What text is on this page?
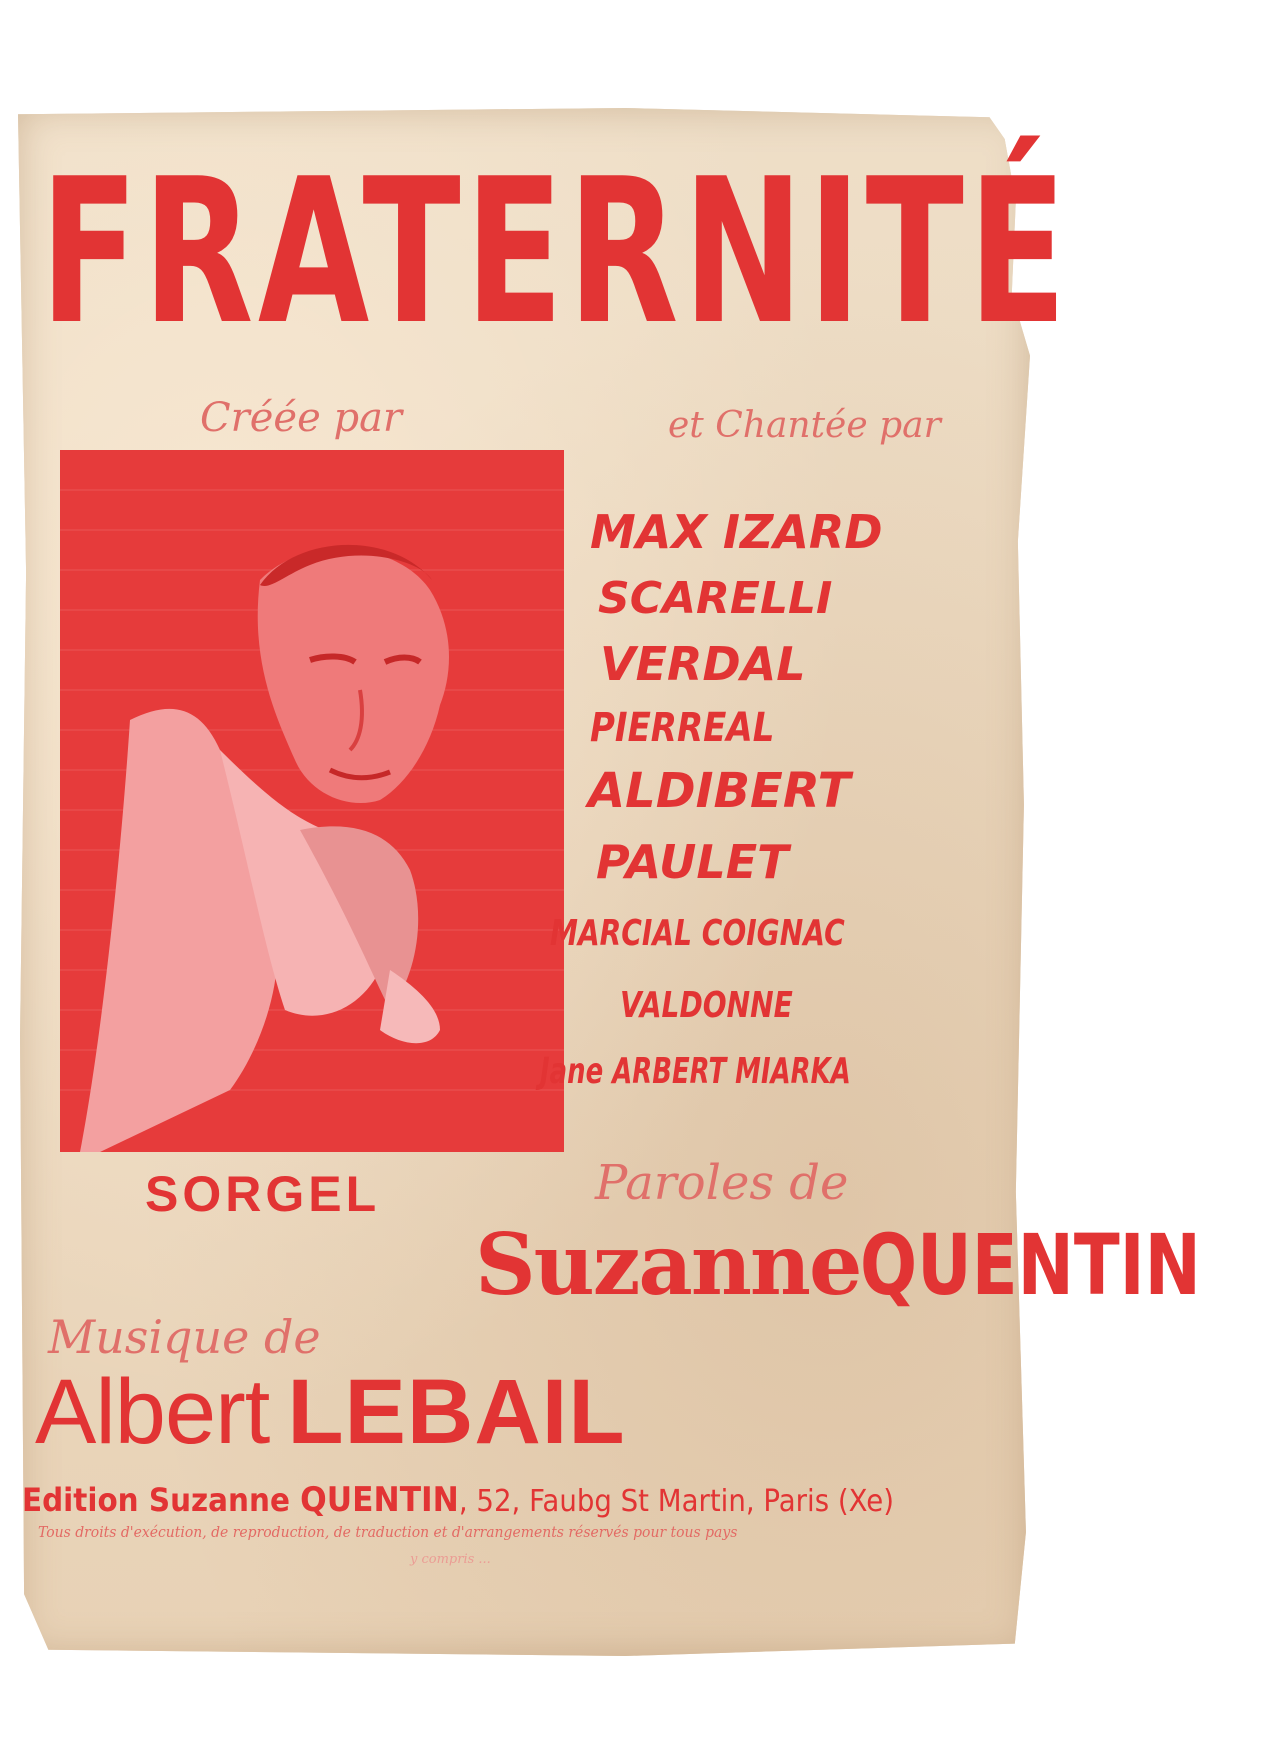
FRATERNITÉ
Créée par	et Chantée par
MAX IZARD
SCARELLI
VERDAL
PIERREAL
ALDIBERT
PAULET
MARCIAL COIGNAC
VALDONNE
Jane ARBERT MIARKA
SORGEL	Paroles de
SuzanneQUENTIN
Musique de
Albert LEBAIL
Edition Suzanne QUENTIN, 52, Faubg St Martin, Paris (Xe)
Tous droits d'exécution, de reproduction, de traduction et d'arrangements réservés pour tous pays
y compris ...
